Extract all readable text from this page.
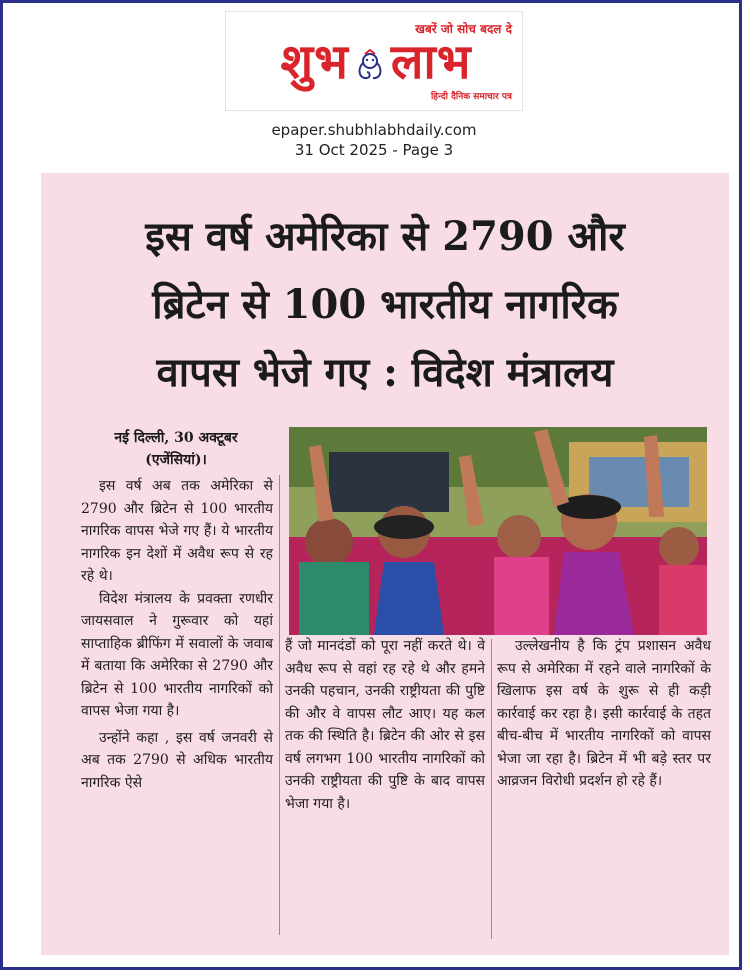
खबरें जो सोच बदल दे
शुभ लाभ
हिन्दी दैनिक समाचार पत्र
epaper.shubhlabhdaily.com
31 Oct 2025 - Page 3
इस वर्ष अमेरिका से 2790 और
ब्रिटेन से 100 भारतीय नागरिक
वापस भेजे गए : विदेश मंत्रालय
नई दिल्ली, 30 अक्टूबर
(एजेंसियां)।

इस वर्ष अब तक अमेरिका से 2790 और ब्रिटेन से 100 भारतीय नागरिक वापस भेजे गए हैं। ये भारतीय नागरिक इन देशों में अवैध रूप से रह रहे थे।

विदेश मंत्रालय के प्रवक्ता रणधीर जायसवाल ने गुरूवार को यहां साप्ताहिक ब्रीफिंग में सवालों के जवाब में बताया कि अमेरिका से 2790 और ब्रिटेन से 100 भारतीय नागरिकों को वापस भेजा गया है।

उन्होंने कहा , इस वर्ष जनवरी से अब तक 2790 से अधिक भारतीय नागरिक ऐसे

हैं जो मानदंडों को पूरा नहीं करते थे। वे अवैध रूप से वहां रह रहे थे और हमने उनकी पहचान, उनकी राष्ट्रीयता की पुष्टि की और वे वापस लौट आए। यह कल तक की स्थिति है। ब्रिटेन की ओर से इस वर्ष लगभग 100 भारतीय नागरिकों को उनकी राष्ट्रीयता की पुष्टि के बाद वापस भेजा गया है।

उल्लेखनीय है कि ट्रंप प्रशासन अवैध रूप से अमेरिका में रहने वाले नागरिकों के खिलाफ इस वर्ष के शुरू से ही कड़ी कार्रवाई कर रहा है। इसी कार्रवाई के तहत बीच-बीच में भारतीय नागरिकों को वापस भेजा जा रहा है। ब्रिटेन में भी बड़े स्तर पर आव्रजन विरोधी प्रदर्शन हो रहे हैं।
